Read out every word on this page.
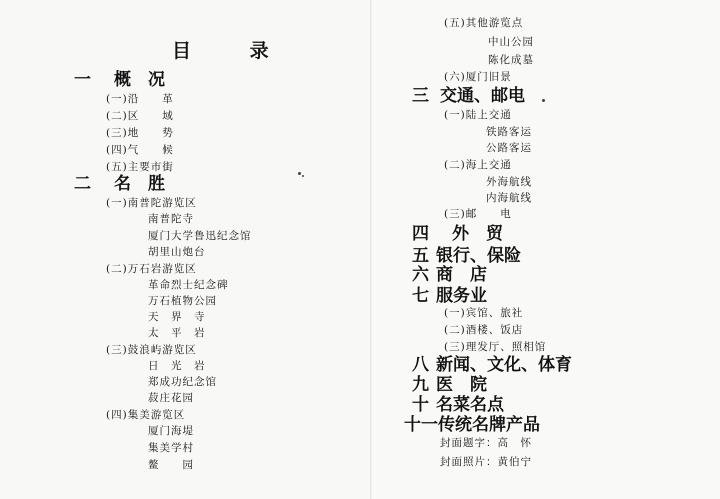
目 录
一 概　况
(一)沿　　革
(二)区　　域
(三)地　　势
(四)气　　候
(五)主要市街
二 名　胜
(一)南普陀游览区
南普陀寺
厦门大学鲁迅纪念馆
胡里山炮台
(二)万石岩游览区
革命烈士纪念碑
万石植物公园
天　界　寺
太　平　岩
(三)鼓浪屿游览区
日　光　岩
郑成功纪念馆
菽庄花园
(四)集美游览区
厦门海堤
集美学村
鳌　　园
(五)其他游览点
中山公园
陈化成墓
(六)厦门旧景
三 交通、邮电
(一)陆上交通
铁路客运
公路客运
(二)海上交通
外海航线
内海航线
(三)邮　　电
四 外　贸
五 银行、保险
六 商　店
七 服务业
(一)宾馆、旅社
(二)酒楼、饭店
(三)理发厅、照相馆
八 新闻、文化、体育
九 医　院
十 名菜名点
十一传统名牌产品
封面题字：高　怀
封面照片：黄伯宁
